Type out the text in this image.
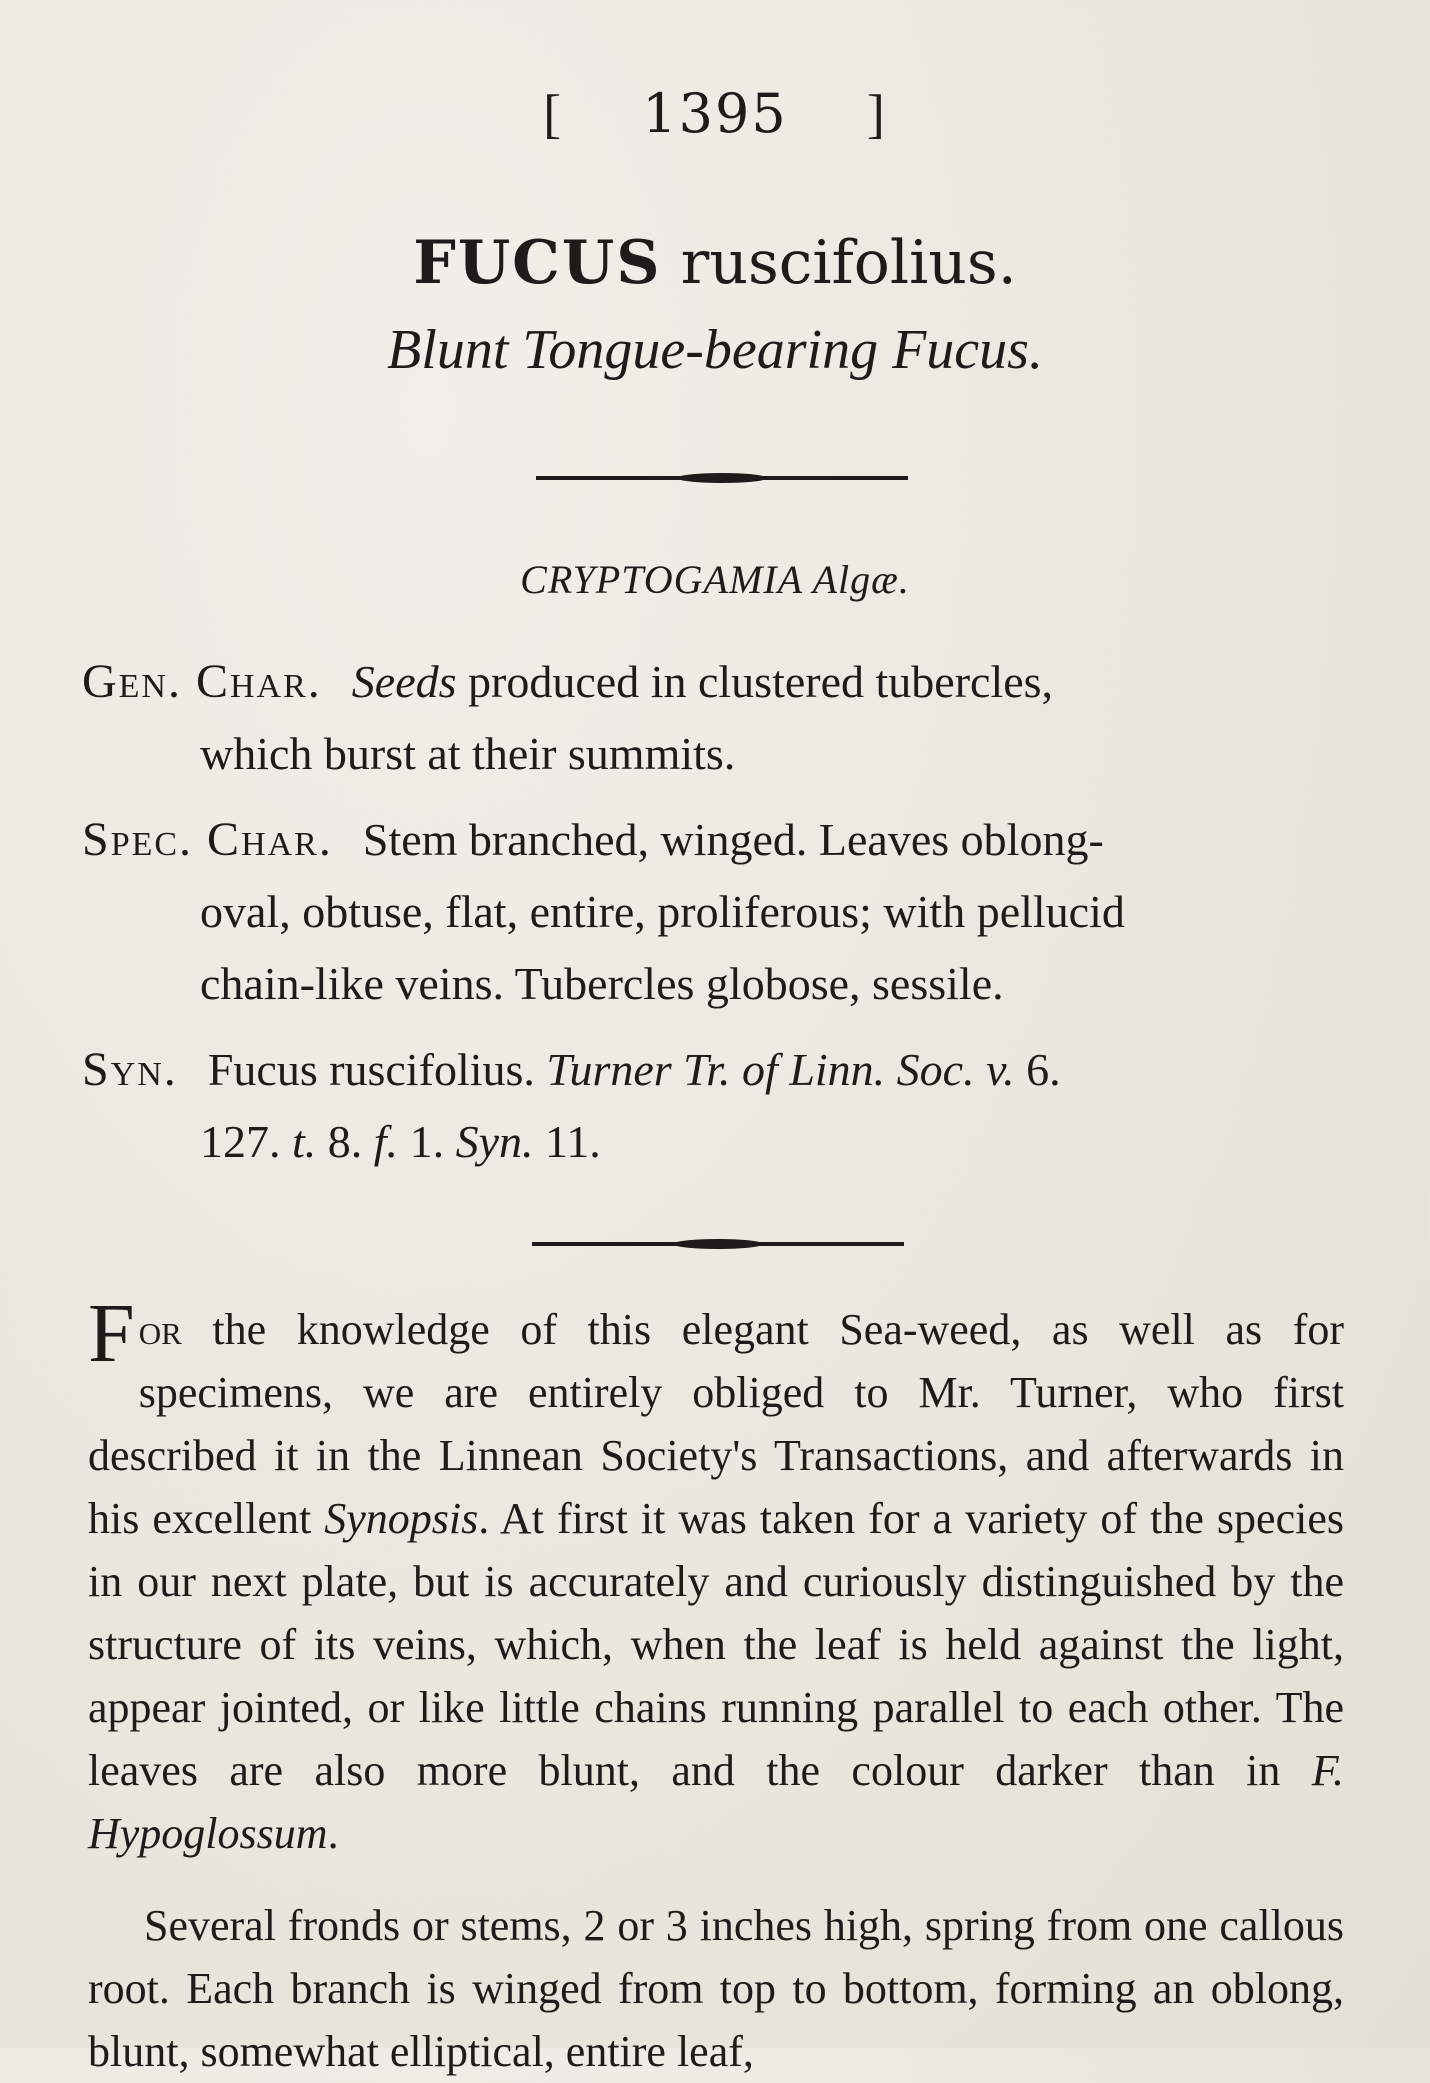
[ 1395 ]
FUCUS ruscifolius.
Blunt Tongue-bearing Fucus.
CRYPTOGAMIA Algæ.
Gen. Char. Seeds produced in clustered tubercles,
which burst at their summits.
Spec. Char. Stem branched, winged. Leaves oblong-
oval, obtuse, flat, entire, proliferous; with pellucid
chain-like veins. Tubercles globose, sessile.
Syn. Fucus ruscifolius. Turner Tr. of Linn. Soc. v. 6.
127. t. 8. f. 1. Syn. 11.
For the knowledge of this elegant Sea-weed, as well as for specimens, we are entirely obliged to Mr. Turner, who first described it in the Linnean Society's Transactions, and afterwards in his excellent Synopsis. At first it was taken for a variety of the species in our next plate, but is accurately and curiously distinguished by the structure of its veins, which, when the leaf is held against the light, appear jointed, or like little chains running parallel to each other. The leaves are also more blunt, and the colour darker than in F. Hypoglossum.
Several fronds or stems, 2 or 3 inches high, spring from one callous root. Each branch is winged from top to bottom, forming an oblong, blunt, somewhat elliptical, entire leaf,
